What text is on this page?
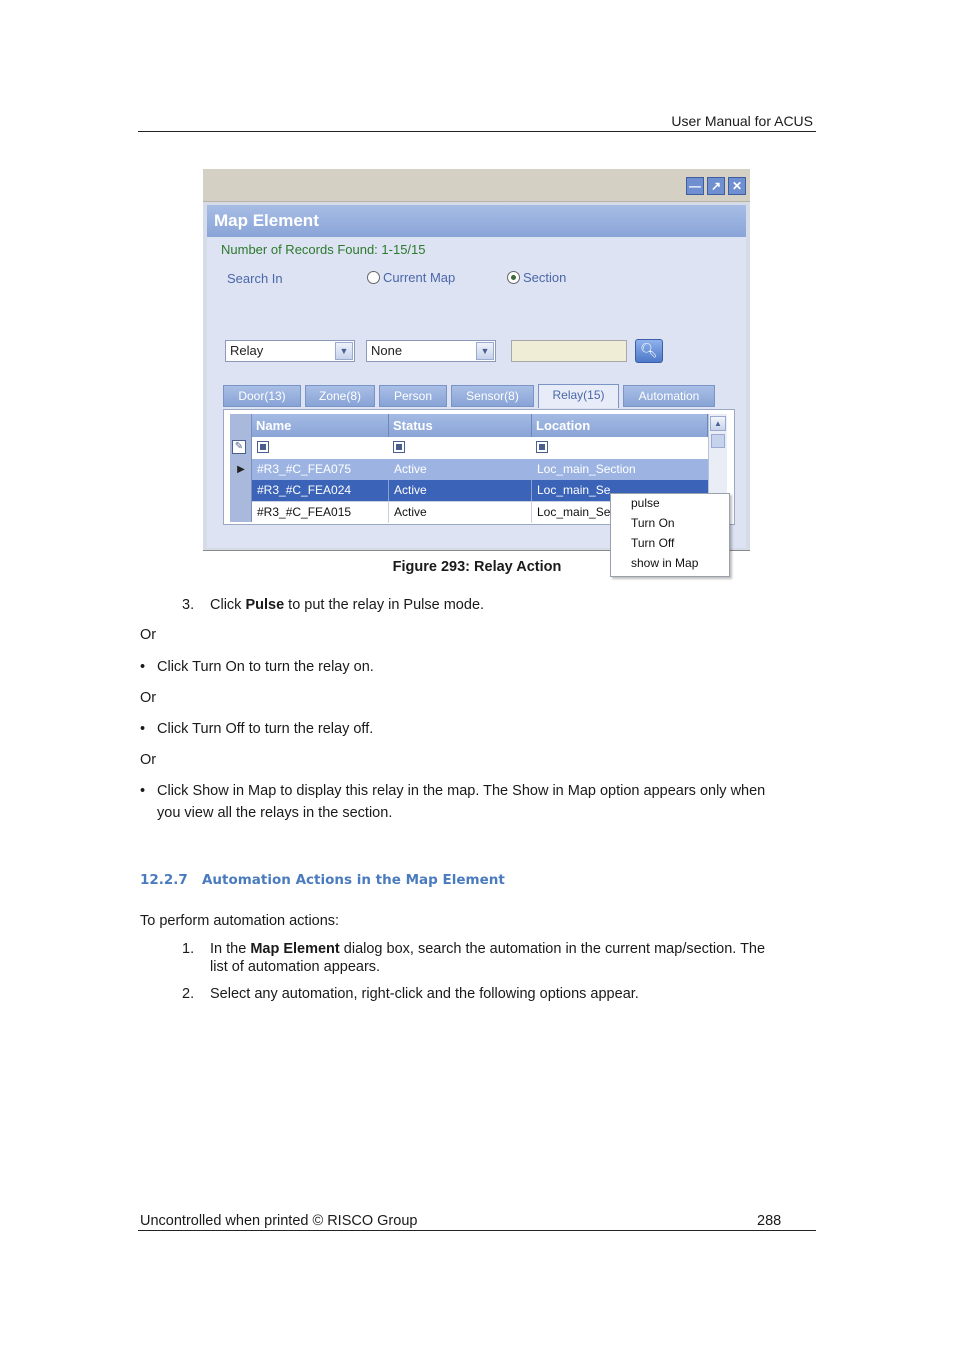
User Manual for ACUS
— ↗ ✕
Map Element
Number of Records Found: 1-15/15
Search In	Current Map	Section
Relay	▼	None	▼	🔍︎
Door(13)	Zone(8)	Person	Sensor(8)	Relay(15)	Automation
Name	Status	Location
✎
▶	#R3_#C_FEA075	Active	Loc_main_Section
#R3_#C_FEA024	Active	Loc_main_Se
#R3_#C_FEA015	Active	Loc_main_Se
▲
pulse
Turn On
Turn Off
show in Map
Figure 293: Relay Action
3. Click Pulse to put the relay in Pulse mode.
Or
• Click Turn On to turn the relay on.
Or
• Click Turn Off to turn the relay off.
Or
• Click Show in Map to display this relay in the map. The Show in Map option appears only when
you view all the relays in the section.
12.2.7 Automation Actions in the Map Element
To perform automation actions:
1. In the Map Element dialog box, search the automation in the current map/section. The
list of automation appears.
2. Select any automation, right-click and the following options appear.
Uncontrolled when printed © RISCO Group	288
